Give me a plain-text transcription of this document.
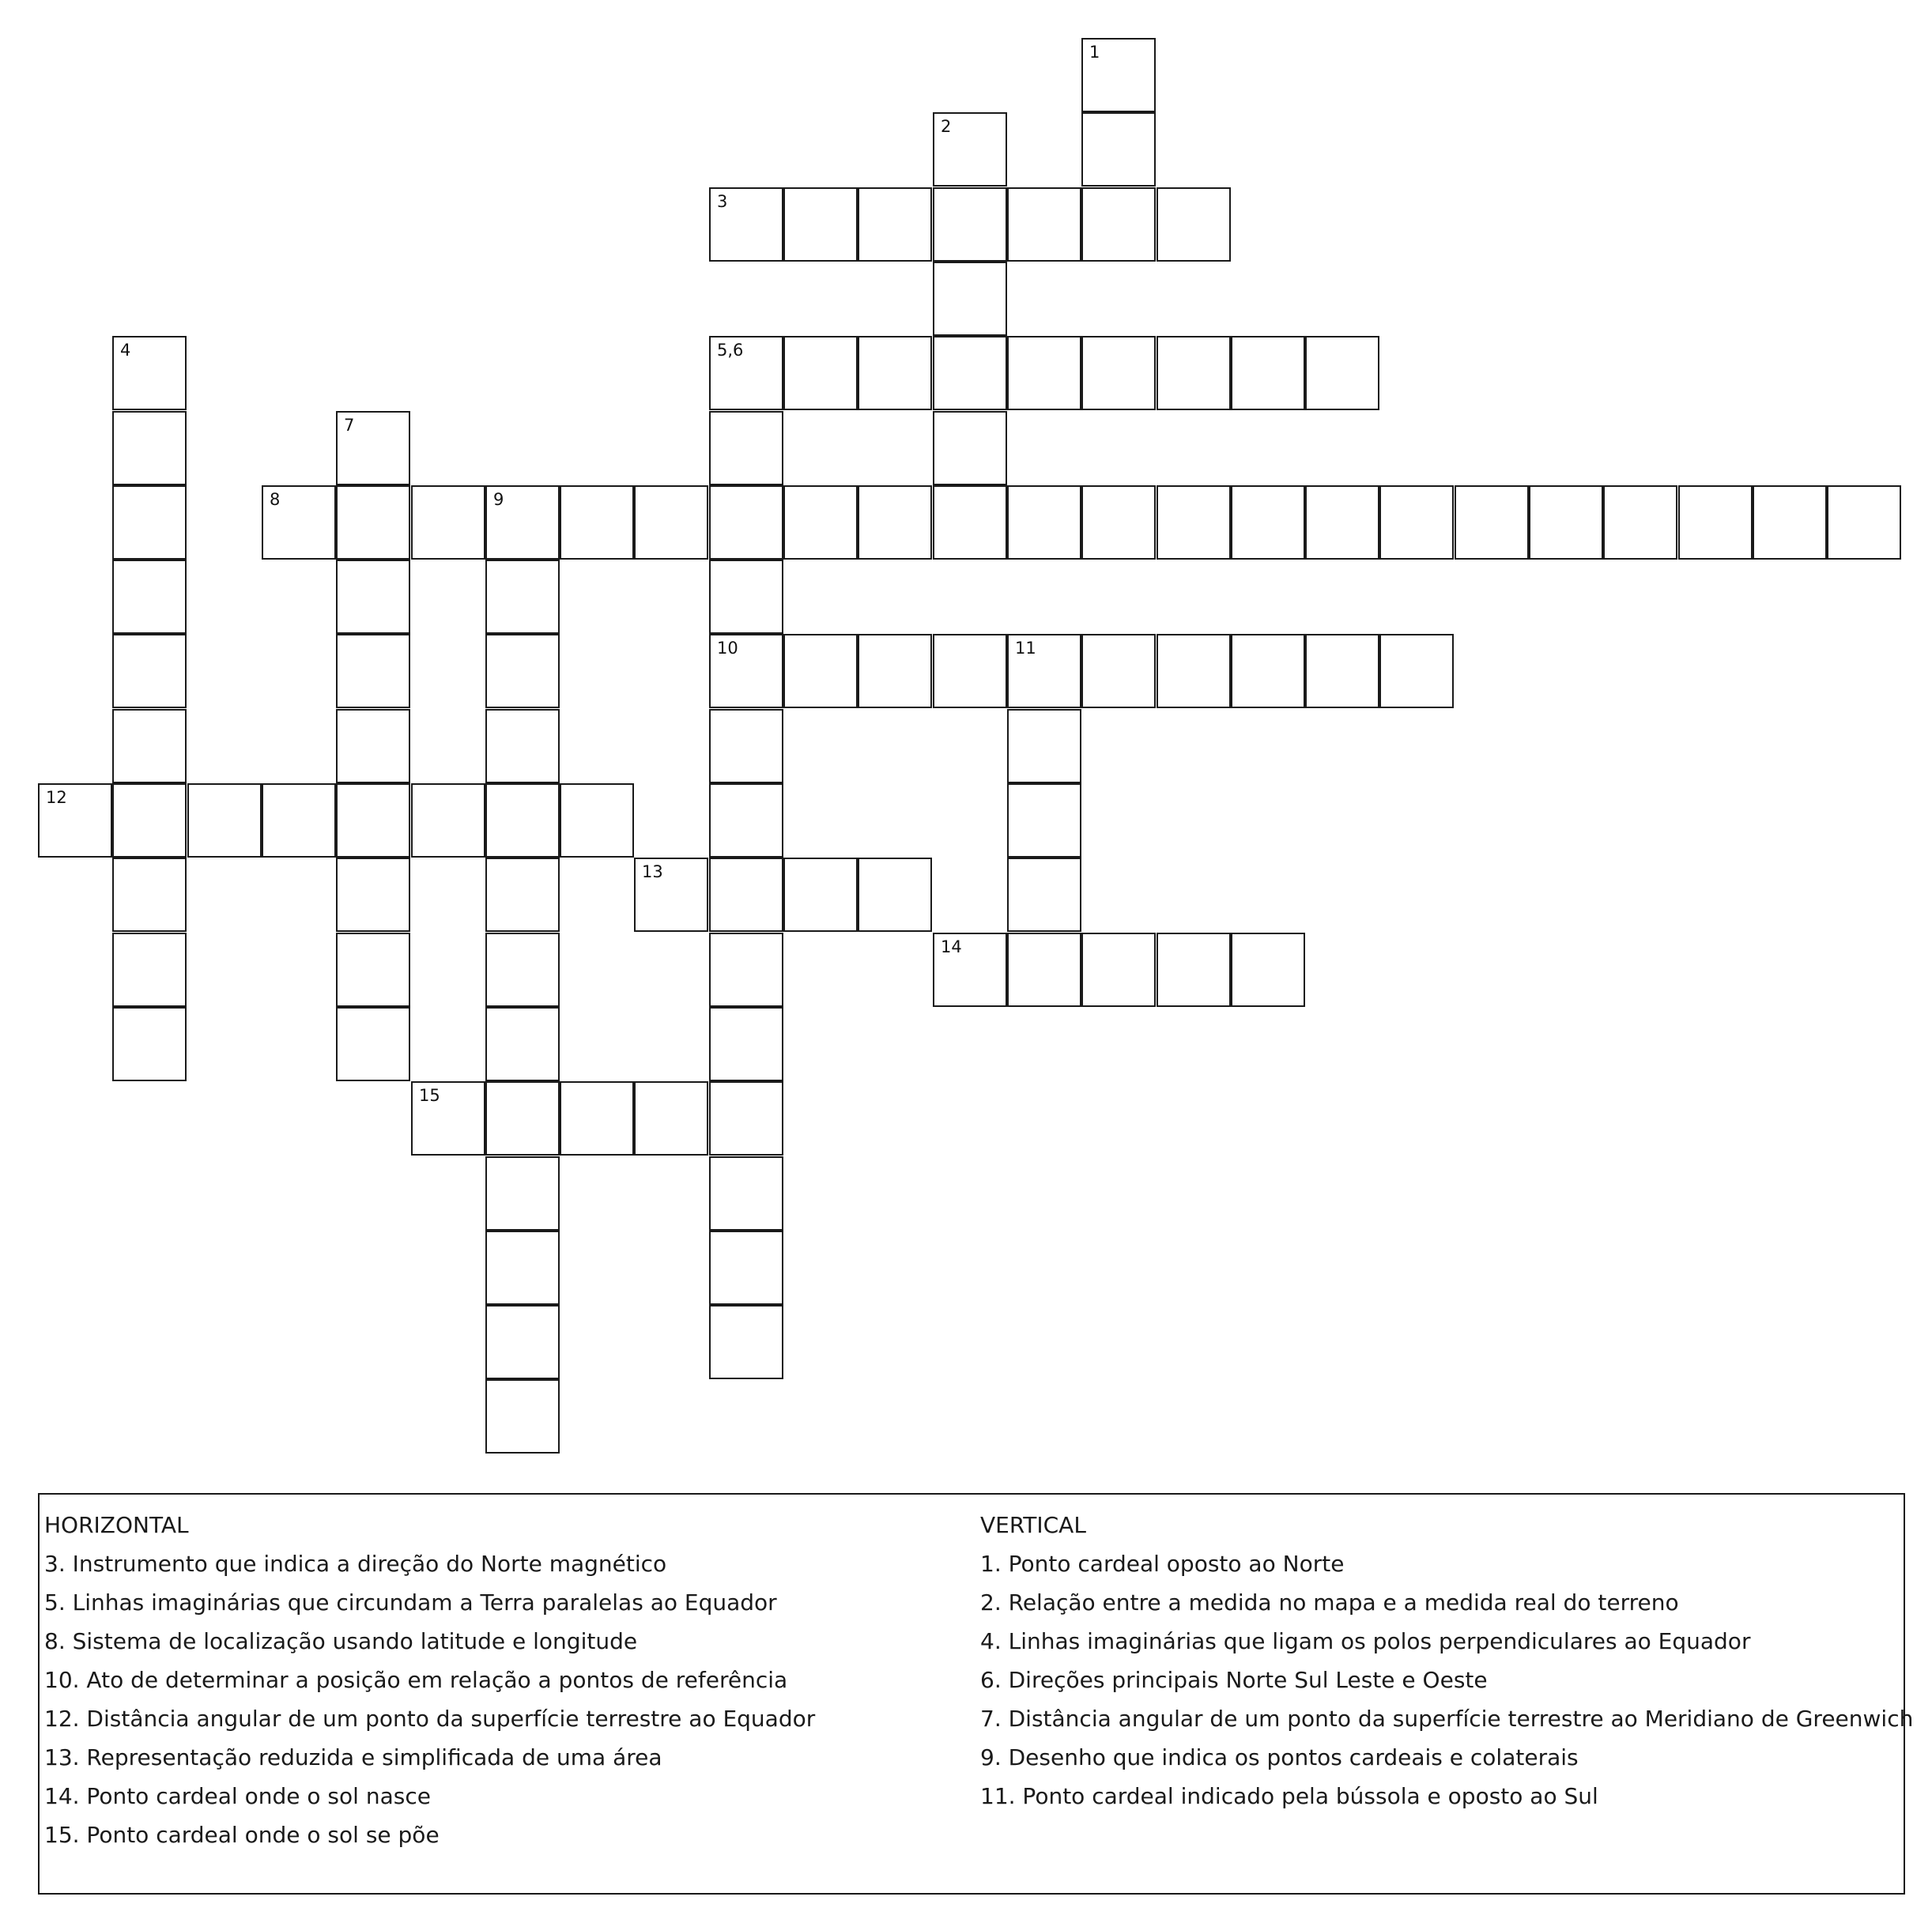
1
2
3
4	5,6
7
8	9
10	11
12
13
14
15
HORIZONTAL
3. Instrumento que indica a direção do Norte magnético
5. Linhas imaginárias que circundam a Terra paralelas ao Equador
8. Sistema de localização usando latitude e longitude
10. Ato de determinar a posição em relação a pontos de referência
12. Distância angular de um ponto da superfície terrestre ao Equador
13. Representação reduzida e simplificada de uma área
14. Ponto cardeal onde o sol nasce
15. Ponto cardeal onde o sol se põe
VERTICAL
1. Ponto cardeal oposto ao Norte
2. Relação entre a medida no mapa e a medida real do terreno
4. Linhas imaginárias que ligam os polos perpendiculares ao Equador
6. Direções principais Norte Sul Leste e Oeste
7. Distância angular de um ponto da superfície terrestre ao Meridiano de Greenwich
9. Desenho que indica os pontos cardeais e colaterais
11. Ponto cardeal indicado pela bússola e oposto ao Sul
